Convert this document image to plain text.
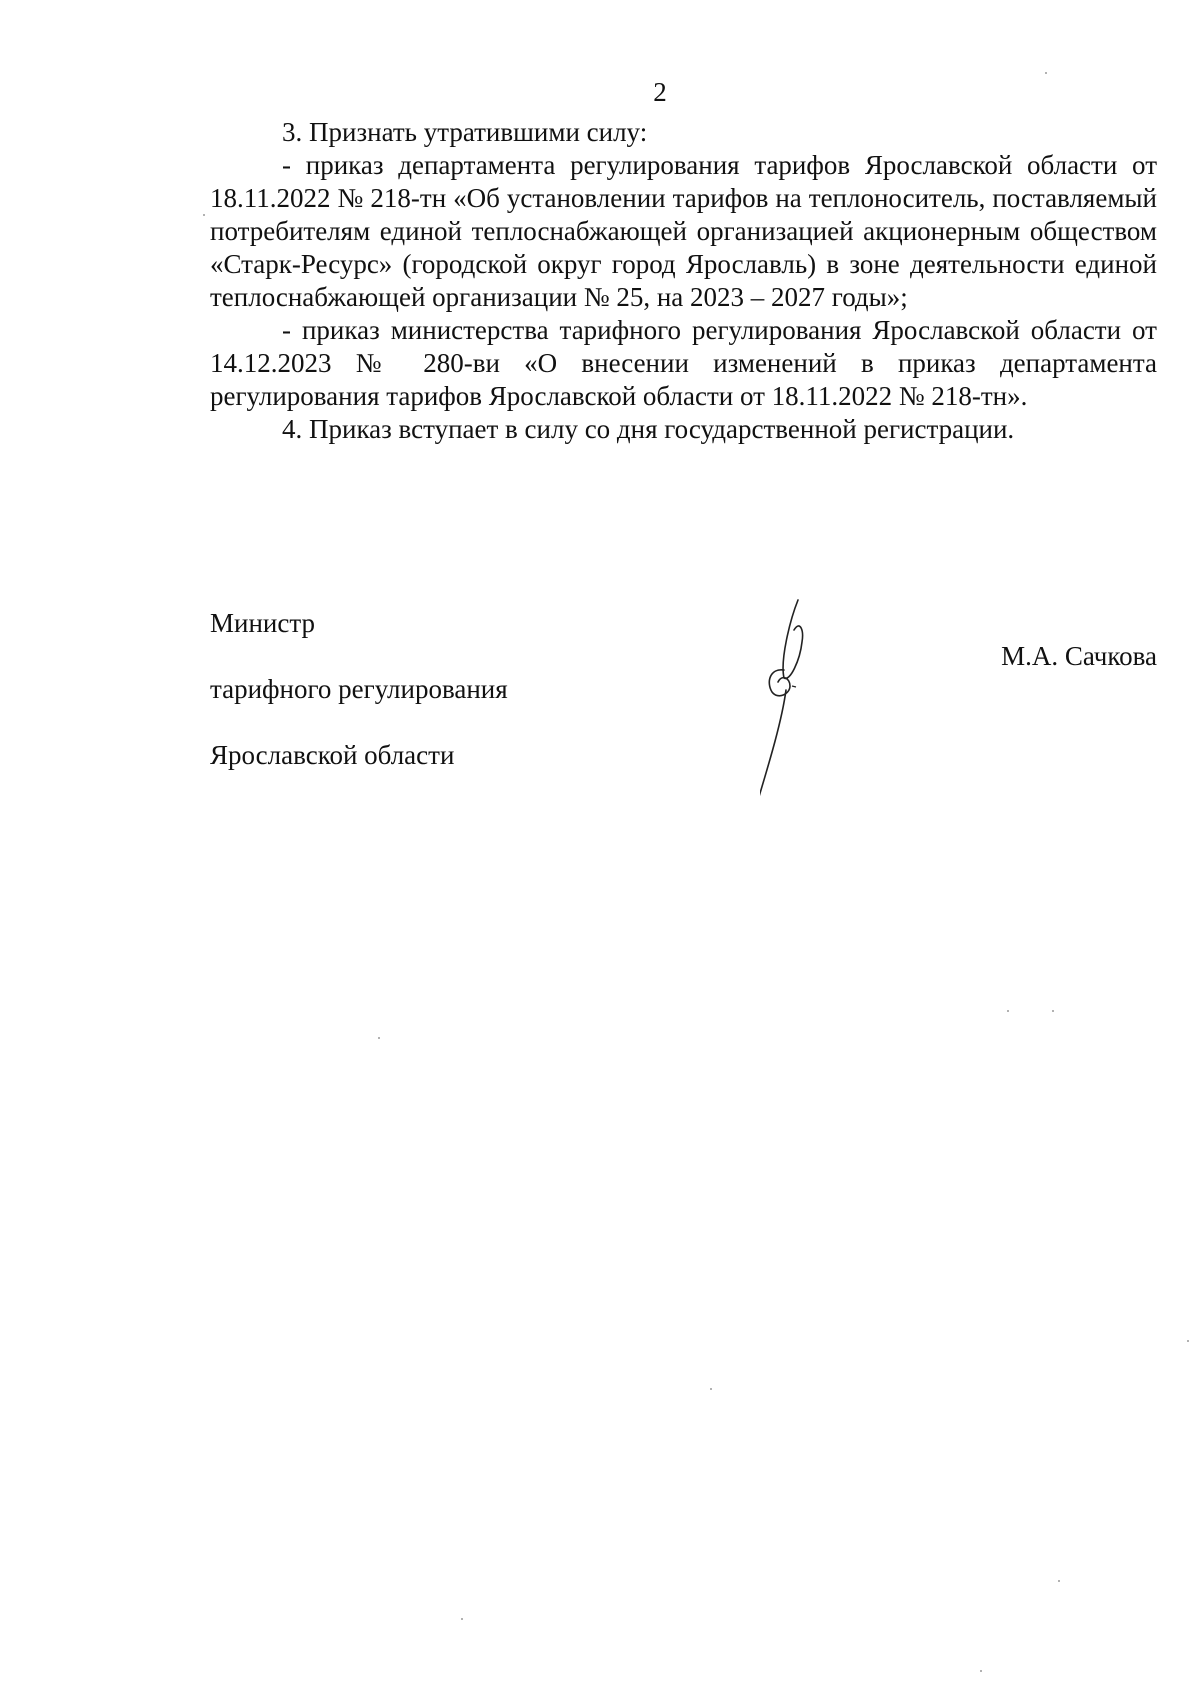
2

3. Признать утратившими силу:

- приказ департамента регулирования тарифов Ярославской области от 18.11.2022 № 218-тн «Об установлении тарифов на теплоноситель, поставляемый потребителям единой теплоснабжающей организацией акционерным обществом «Старк-Ресурс» (городской округ город Ярославль) в зоне деятельности единой теплоснабжающей организации № 25, на 2023 – 2027 годы»;

- приказ министерства тарифного регулирования Ярославской области от 14.12.2023 № 280-ви «О внесении изменений в приказ департамента регулирования тарифов Ярославской области от 18.11.2022 № 218-тн».

4. Приказ вступает в силу со дня государственной регистрации.

Министр

тарифного регулирования

Ярославской области

М.А. Сачкова
